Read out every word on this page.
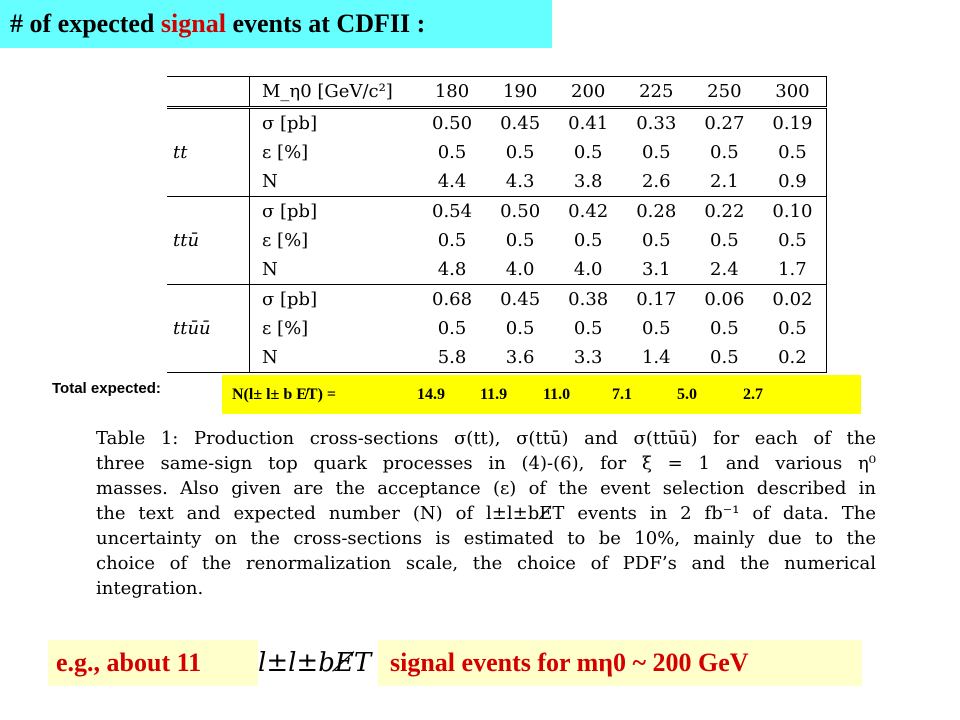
# of expected signal events at CDFII :
	M_η0 [GeV/c²]	180	190	200	225	250	300
	σ [pb]	0.50	0.45	0.41	0.33	0.27	0.19
tt	ε [%]	0.5	0.5	0.5	0.5	0.5	0.5
	N	4.4	4.3	3.8	2.6	2.1	0.9
	σ [pb]	0.54	0.50	0.42	0.28	0.22	0.10
ttū	ε [%]	0.5	0.5	0.5	0.5	0.5	0.5
	N	4.8	4.0	4.0	3.1	2.4	1.7
	σ [pb]	0.68	0.45	0.38	0.17	0.06	0.02
ttūū	ε [%]	0.5	0.5	0.5	0.5	0.5	0.5
	N	5.8	3.6	3.3	1.4	0.5	0.2
Total expected:	N(l± l± b E̸T) =	14.9 11.9 11.0	7.1	5.0	2.7
Table 1: Production cross-sections σ(tt), σ(ttū) and σ(ttūū) for each of the
three same-sign top quark processes in (4)-(6), for ξ = 1 and various η⁰
masses. Also given are the acceptance (ε) of the event selection described in
the text and expected number (N) of l±l±bE̸T events in 2 fb⁻¹ of data. The
uncertainty on the cross-sections is estimated to be 10%, mainly due to the
choice of the renormalization scale, the choice of PDF’s and the numerical
integration.
e.g., about 11	l±l±bE̸T signal events for mη0 ~ 200 GeV
